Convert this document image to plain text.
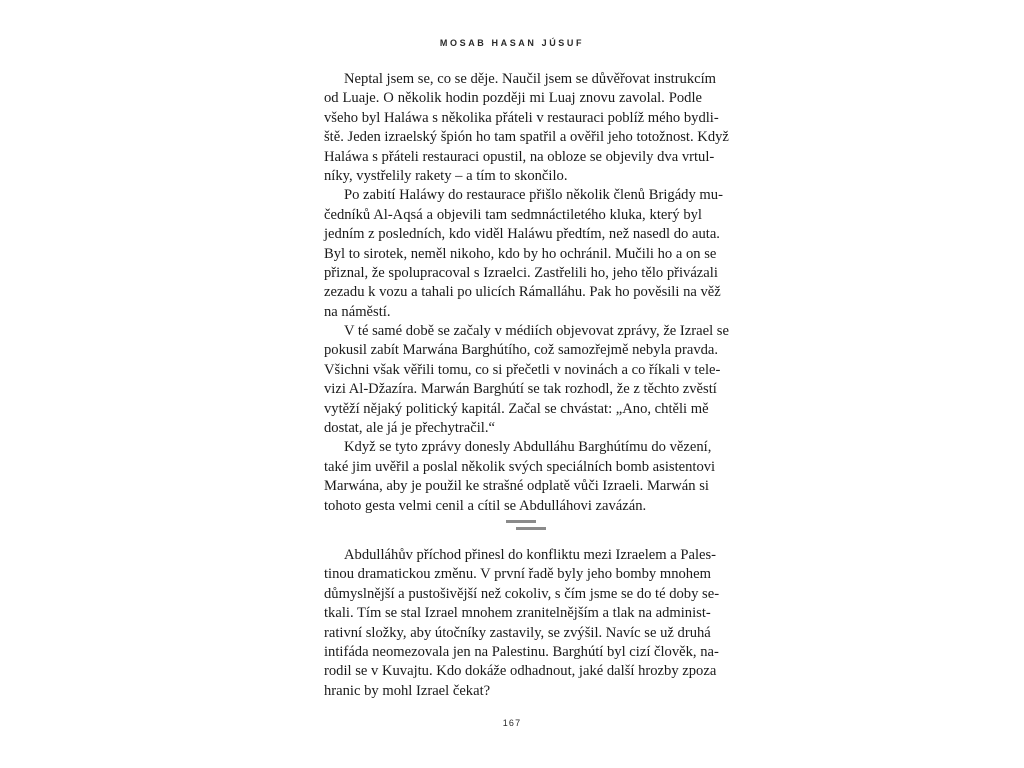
MOSAB HASAN JÚSUF
Neptal jsem se, co se děje. Naučil jsem se důvěřovat instrukcím
od Luaje. O několik hodin později mi Luaj znovu zavolal. Podle
všeho byl Haláwa s několika přáteli v restauraci poblíž mého bydli-
ště. Jeden izraelský špión ho tam spatřil a ověřil jeho totožnost. Když
Haláwa s přáteli restauraci opustil, na obloze se objevily dva vrtul-
níky, vystřelily rakety – a tím to skončilo.
Po zabití Haláwy do restaurace přišlo několik členů Brigády mu-
čedníků Al-Aqsá a objevili tam sedmnáctiletého kluka, který byl
jedním z posledních, kdo viděl Haláwu předtím, než nasedl do auta.
Byl to sirotek, neměl nikoho, kdo by ho ochránil. Mučili ho a on se
přiznal, že spolupracoval s Izraelci. Zastřelili ho, jeho tělo přivázali
zezadu k vozu a tahali po ulicích Rámalláhu. Pak ho pověsili na věž
na náměstí.
V té samé době se začaly v médiích objevovat zprávy, že Izrael se
pokusil zabít Marwána Barghútího, což samozřejmě nebyla pravda.
Všichni však věřili tomu, co si přečetli v novinách a co říkali v tele-
vizi Al-Džazíra. Marwán Barghútí se tak rozhodl, že z těchto zvěstí
vytěží nějaký politický kapitál. Začal se chvástat: „Ano, chtěli mě
dostat, ale já je přechytračil.“
Když se tyto zprávy donesly Abdulláhu Barghútímu do vězení,
také jim uvěřil a poslal několik svých speciálních bomb asistentovi
Marwána, aby je použil ke strašné odplatě vůči Izraeli. Marwán si
tohoto gesta velmi cenil a cítil se Abdulláhovi zavázán.
Abdulláhův příchod přinesl do konfliktu mezi Izraelem a Pales-
tinou dramatickou změnu. V první řadě byly jeho bomby mnohem
důmyslnější a pustošivější než cokoliv, s čím jsme se do té doby se-
tkali. Tím se stal Izrael mnohem zranitelnějším a tlak na administ-
rativní složky, aby útočníky zastavily, se zvýšil. Navíc se už druhá
intifáda neomezovala jen na Palestinu. Barghútí byl cizí člověk, na-
rodil se v Kuvajtu. Kdo dokáže odhadnout, jaké další hrozby zpoza
hranic by mohl Izrael čekat?
167
